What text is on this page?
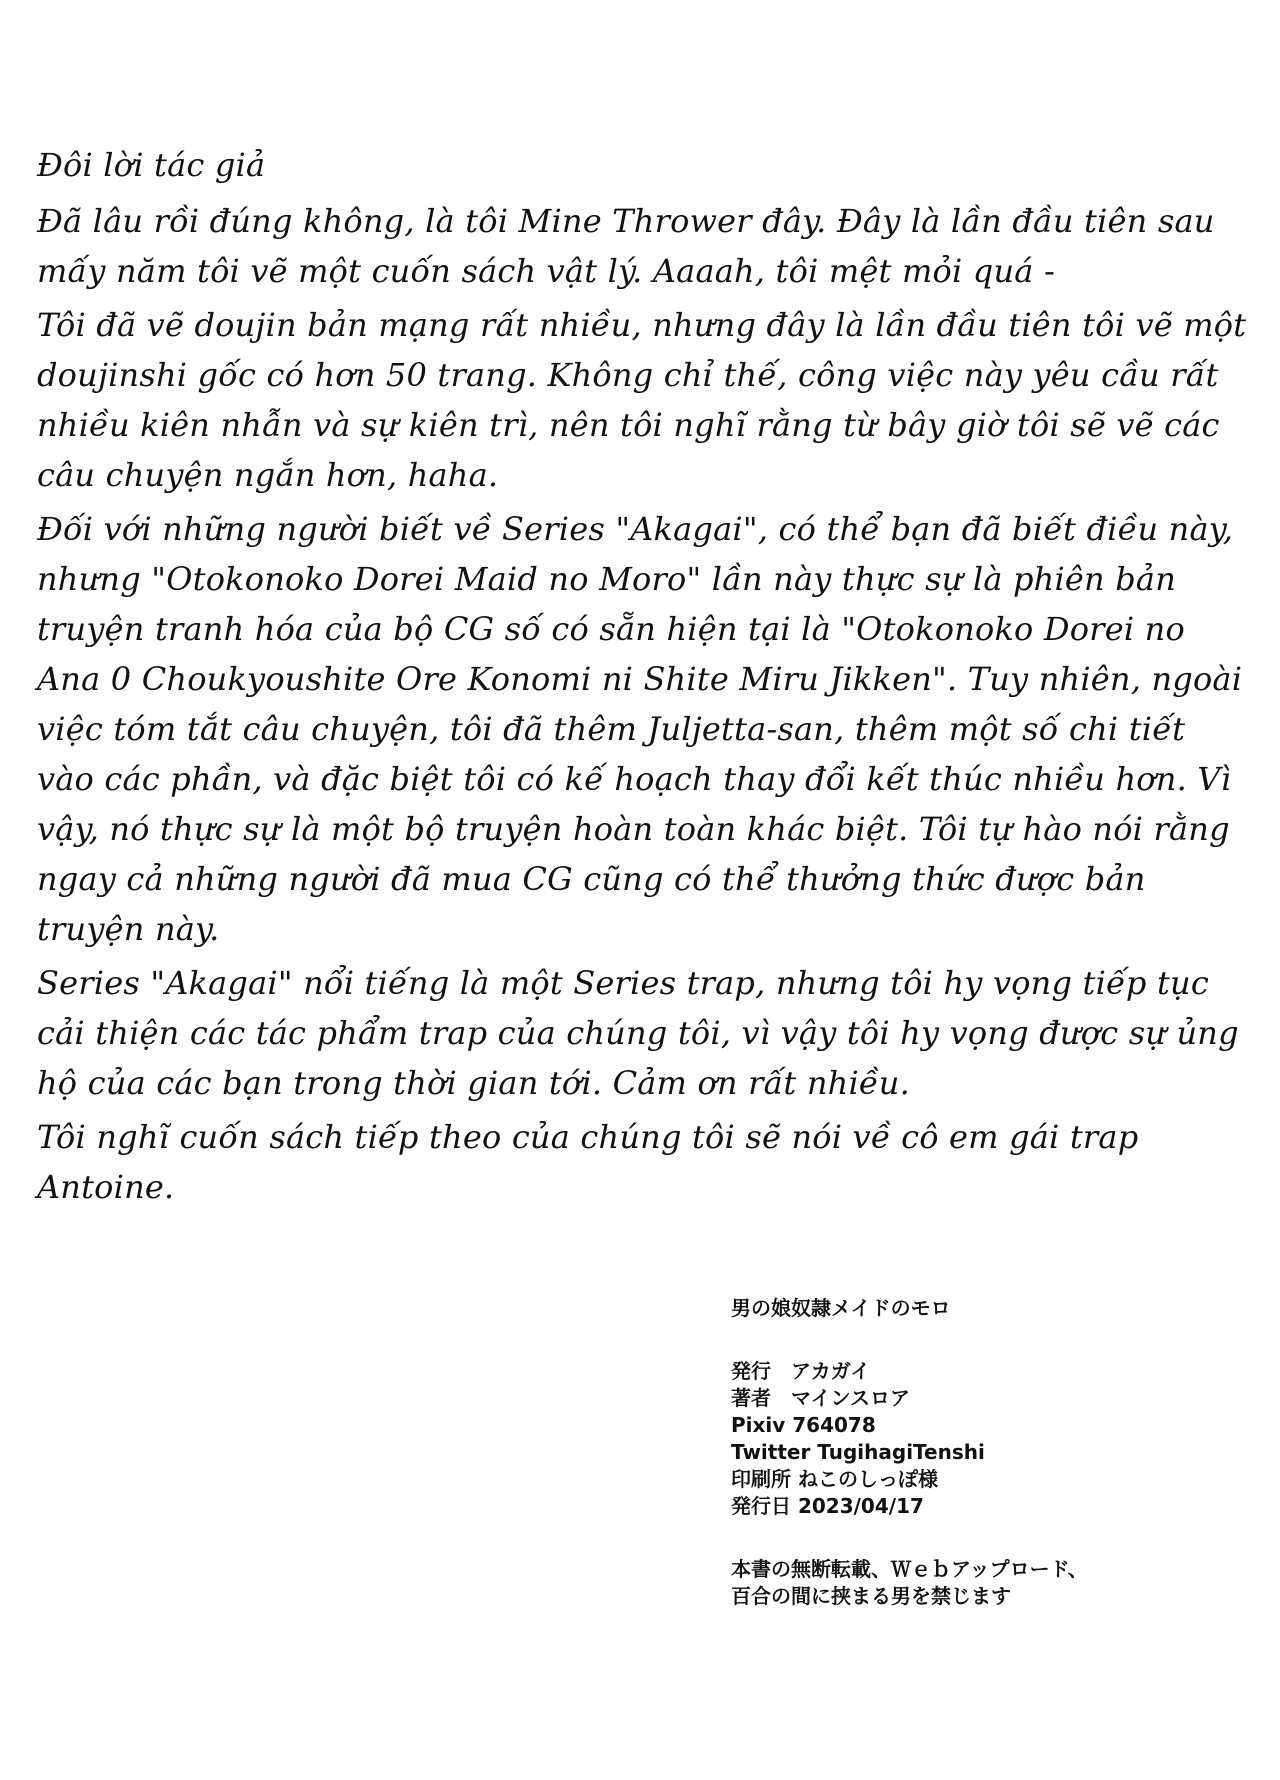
Đôi lời tác giả

Đã lâu rồi đúng không, là tôi Mine Thrower đây. Đây là lần đầu tiên sau mấy năm tôi vẽ một cuốn sách vật lý. Aaaah, tôi mệt mỏi quá -

Tôi đã vẽ doujin bản mạng rất nhiều, nhưng đây là lần đầu tiên tôi vẽ một doujinshi gốc có hơn 50 trang. Không chỉ thế, công việc này yêu cầu rất nhiều kiên nhẫn và sự kiên trì, nên tôi nghĩ rằng từ bây giờ tôi sẽ vẽ các câu chuyện ngắn hơn, haha.

Đối với những người biết về Series "Akagai", có thể bạn đã biết điều này, nhưng "Otokonoko Dorei Maid no Moro" lần này thực sự là phiên bản truyện tranh hóa của bộ CG số có sẵn hiện tại là "Otokonoko Dorei no Ana 0 Choukyoushite Ore Konomi ni Shite Miru Jikken". Tuy nhiên, ngoài việc tóm tắt câu chuyện, tôi đã thêm Juljetta-san, thêm một số chi tiết vào các phần, và đặc biệt tôi có kế hoạch thay đổi kết thúc nhiều hơn. Vì vậy, nó thực sự là một bộ truyện hoàn toàn khác biệt. Tôi tự hào nói rằng ngay cả những người đã mua CG cũng có thể thưởng thức được bản truyện này.

Series "Akagai" nổi tiếng là một Series trap, nhưng tôi hy vọng tiếp tục cải thiện các tác phẩm trap của chúng tôi, vì vậy tôi hy vọng được sự ủng hộ của các bạn trong thời gian tới. Cảm ơn rất nhiều.

Tôi nghĩ cuốn sách tiếp theo của chúng tôi sẽ nói về cô em gái trap Antoine.

男の娘奴隷メイドのモロ
発行　アカガイ
著者　マインスロア
Pixiv 764078
Twitter TugihagiTenshi
印刷所 ねこのしっぽ様
発行日 2023/04/17
本書の無断転載、Ｗｅｂアップロード、
百合の間に挟まる男を禁じます
